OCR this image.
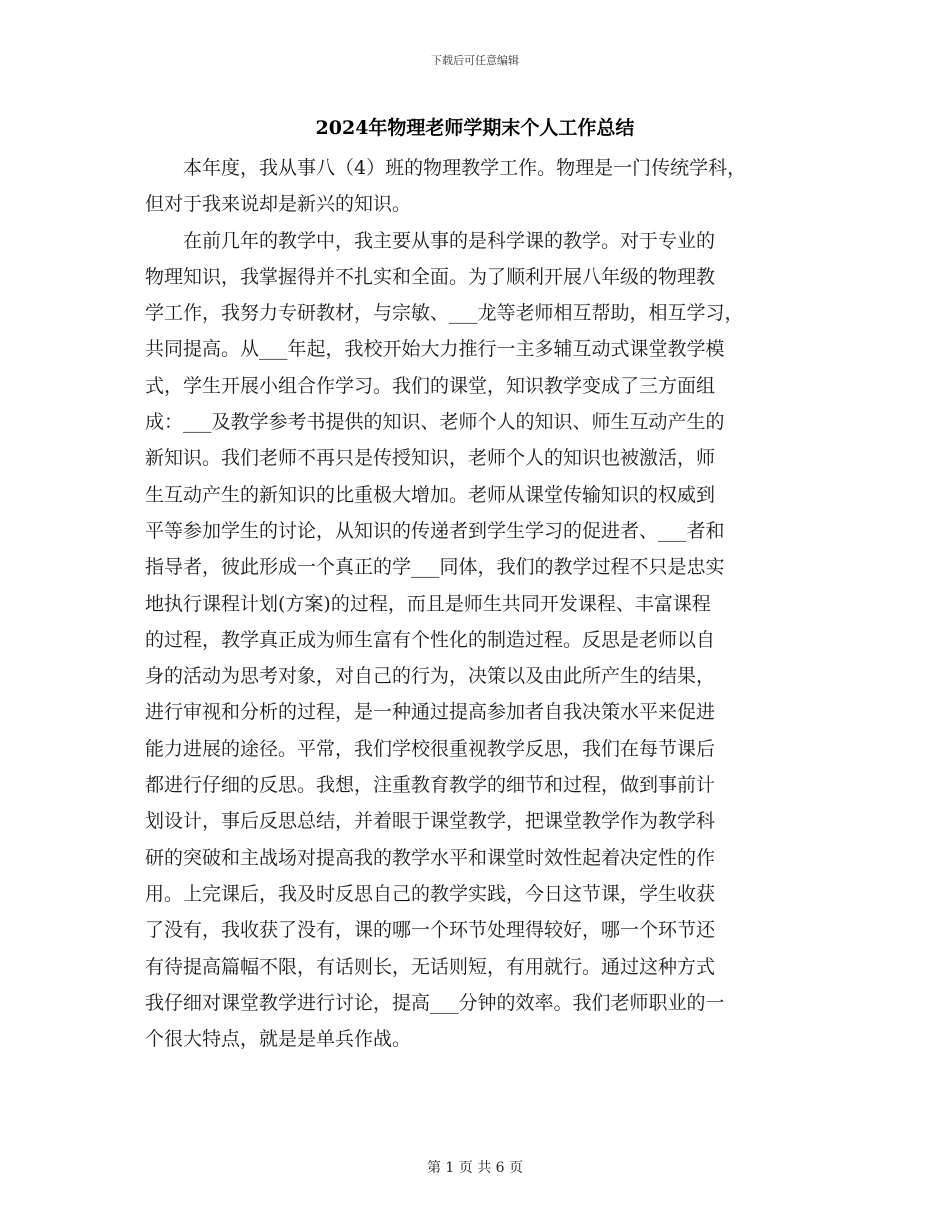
下载后可任意编辑
2024年物理老师学期末个人工作总结
　　本年度，我从事八（4）班的物理教学工作。物理是一门传统学科，
但对于我来说却是新兴的知识。
　　在前几年的教学中，我主要从事的是科学课的教学。对于专业的
物理知识，我掌握得并不扎实和全面。为了顺利开展八年级的物理教
学工作，我努力专研教材，与宗敏、___龙等老师相互帮助，相互学习，
共同提高。从___年起，我校开始大力推行一主多辅互动式课堂教学模
式，学生开展小组合作学习。我们的课堂，知识教学变成了三方面组
成：___及教学参考书提供的知识、老师个人的知识、师生互动产生的
新知识。我们老师不再只是传授知识，老师个人的知识也被激活，师
生互动产生的新知识的比重极大增加。老师从课堂传输知识的权威到
平等参加学生的讨论，从知识的传递者到学生学习的促进者、___者和
指导者，彼此形成一个真正的学___同体，我们的教学过程不只是忠实
地执行课程计划(方案)的过程，而且是师生共同开发课程、丰富课程
的过程，教学真正成为师生富有个性化的制造过程。反思是老师以自
身的活动为思考对象，对自己的行为，决策以及由此所产生的结果，
进行审视和分析的过程，是一种通过提高参加者自我决策水平来促进
能力进展的途径。平常，我们学校很重视教学反思，我们在每节课后
都进行仔细的反思。我想，注重教育教学的细节和过程，做到事前计
划设计，事后反思总结，并着眼于课堂教学，把课堂教学作为教学科
研的突破和主战场对提高我的教学水平和课堂时效性起着决定性的作
用。上完课后，我及时反思自己的教学实践，今日这节课，学生收获
了没有，我收获了没有，课的哪一个环节处理得较好，哪一个环节还
有待提高篇幅不限，有话则长，无话则短，有用就行。通过这种方式
我仔细对课堂教学进行讨论，提高___分钟的效率。我们老师职业的一
个很大特点，就是是单兵作战。
第 1 页 共 6 页
